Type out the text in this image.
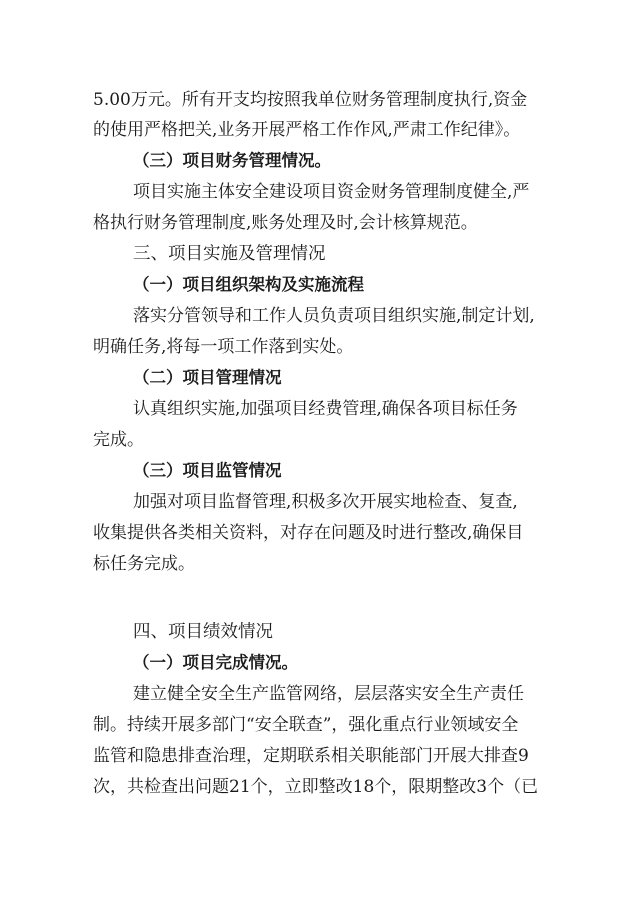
5.00万元。所有开支均按照我单位财务管理制度执行,资金
的使用严格把关,业务开展严格工作作风,严肃工作纪律》。
（三）项目财务管理情况。
项目实施主体安全建设项目资金财务管理制度健全,严
格执行财务管理制度,账务处理及时,会计核算规范。
三、项目实施及管理情况
（一）项目组织架构及实施流程
落实分管领导和工作人员负责项目组织实施,制定计划,
明确任务,将每一项工作落到实处。
（二）项目管理情况
认真组织实施,加强项目经费管理,确保各项目标任务
完成。
（三）项目监管情况
加强对项目监督管理,积极多次开展实地检查、复查,
收集提供各类相关资料，对存在问题及时进行整改,确保目
标任务完成。
四、项目绩效情况
（一）项目完成情况。
建立健全安全生产监管网络，层层落实安全生产责任
制。持续开展多部门“安全联查”，强化重点行业领域安全
监管和隐患排查治理，定期联系相关职能部门开展大排查9
次，共检查出问题21个，立即整改18个，限期整改3个（已
